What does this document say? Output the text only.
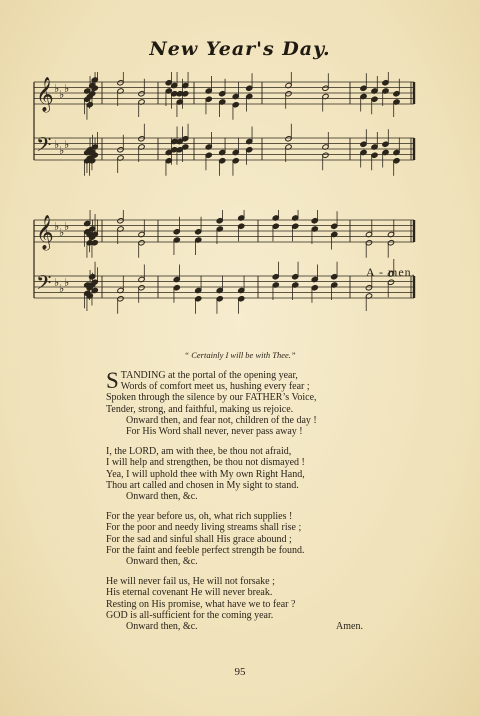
New Year's Day.
𝄞 ♭ ♭ ♭
𝄢 ♭ ♭ ♭
𝄞 ♭ ♭ ♭
𝄢 ♭ ♭ ♭
A - men.
“ Certainly I will be with Thee.”
STANDING at the portal of the opening year,
Words of comfort meet us, hushing every fear ;
Spoken through the silence by our FATHER’s Voice,
Tender, strong, and faithful, making us rejoice.
Onward then, and fear not, children of the day !
For His Word shall never, never pass away !
I, the LORD, am with thee, be thou not afraid,
I will help and strengthen, be thou not dismayed !
Yea, I will uphold thee with My own Right Hand,
Thou art called and chosen in My sight to stand.
Onward then, &c.
For the year before us, oh, what rich supplies !
For the poor and needy living streams shall rise ;
For the sad and sinful shall His grace abound ;
For the faint and feeble perfect strength be found.
Onward then, &c.
He will never fail us, He will not forsake ;
His eternal covenant He will never break.
Resting on His promise, what have we to fear ?
GOD is all-sufficient for the coming year.
Onward then, &c.	Amen.
95
